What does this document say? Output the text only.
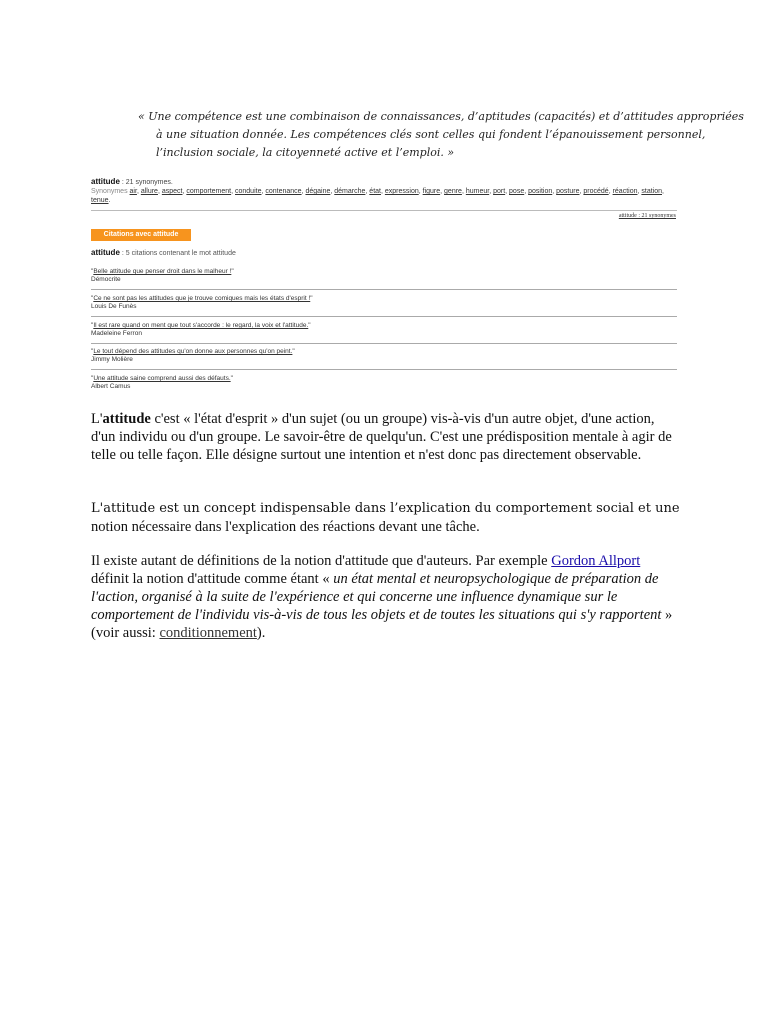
« Une compétence est une combinaison de connaissances, d’aptitudes (capacités) et d’attitudes appropriées
à une situation donnée. Les compétences clés sont celles qui fondent l’épanouissement personnel,
l’inclusion sociale, la citoyenneté active et l’emploi. »
attitude : 21 synonymes.
Synonymes air, allure, aspect, comportement, conduite, contenance, dégaine, démarche, état, expression, figure, genre, humeur, port, pose, position, posture, procédé, réaction, station, tenue.
attitude : 21 synonymes
Citations avec attitude
attitude : 5 citations contenant le mot attitude
"Belle attitude que penser droit dans le malheur !"
Démocrite
"Ce ne sont pas les attitudes que je trouve comiques mais les états d'esprit !"
Louis De Funès
"Il est rare quand on ment que tout s'accorde : le regard, la voix et l'attitude."
Madeleine Ferron
"Le tout dépend des attitudes qu'on donne aux personnes qu'on peint."
Jimmy Molière
"Une attitude saine comprend aussi des défauts."
Albert Camus
L'attitude c'est « l'état d'esprit » d'un sujet (ou un groupe) vis-à-vis d'un autre objet, d'une action, d'un individu ou d'un groupe. Le savoir-être de quelqu'un. C'est une prédisposition mentale à agir de telle ou telle façon. Elle désigne surtout une intention et n'est donc pas directement observable.
L'attitude est un concept indispensable dans l’explication du comportement social et une
notion nécessaire dans l'explication des réactions devant une tâche.
Il existe autant de définitions de la notion d'attitude que d'auteurs. Par exemple Gordon Allport définit la notion d'attitude comme étant « un état mental et neuropsychologique de préparation de l'action, organisé à la suite de l'expérience et qui concerne une influence dynamique sur le comportement de l'individu vis-à-vis de tous les objets et de toutes les situations qui s'y rapportent » (voir aussi: conditionnement).
